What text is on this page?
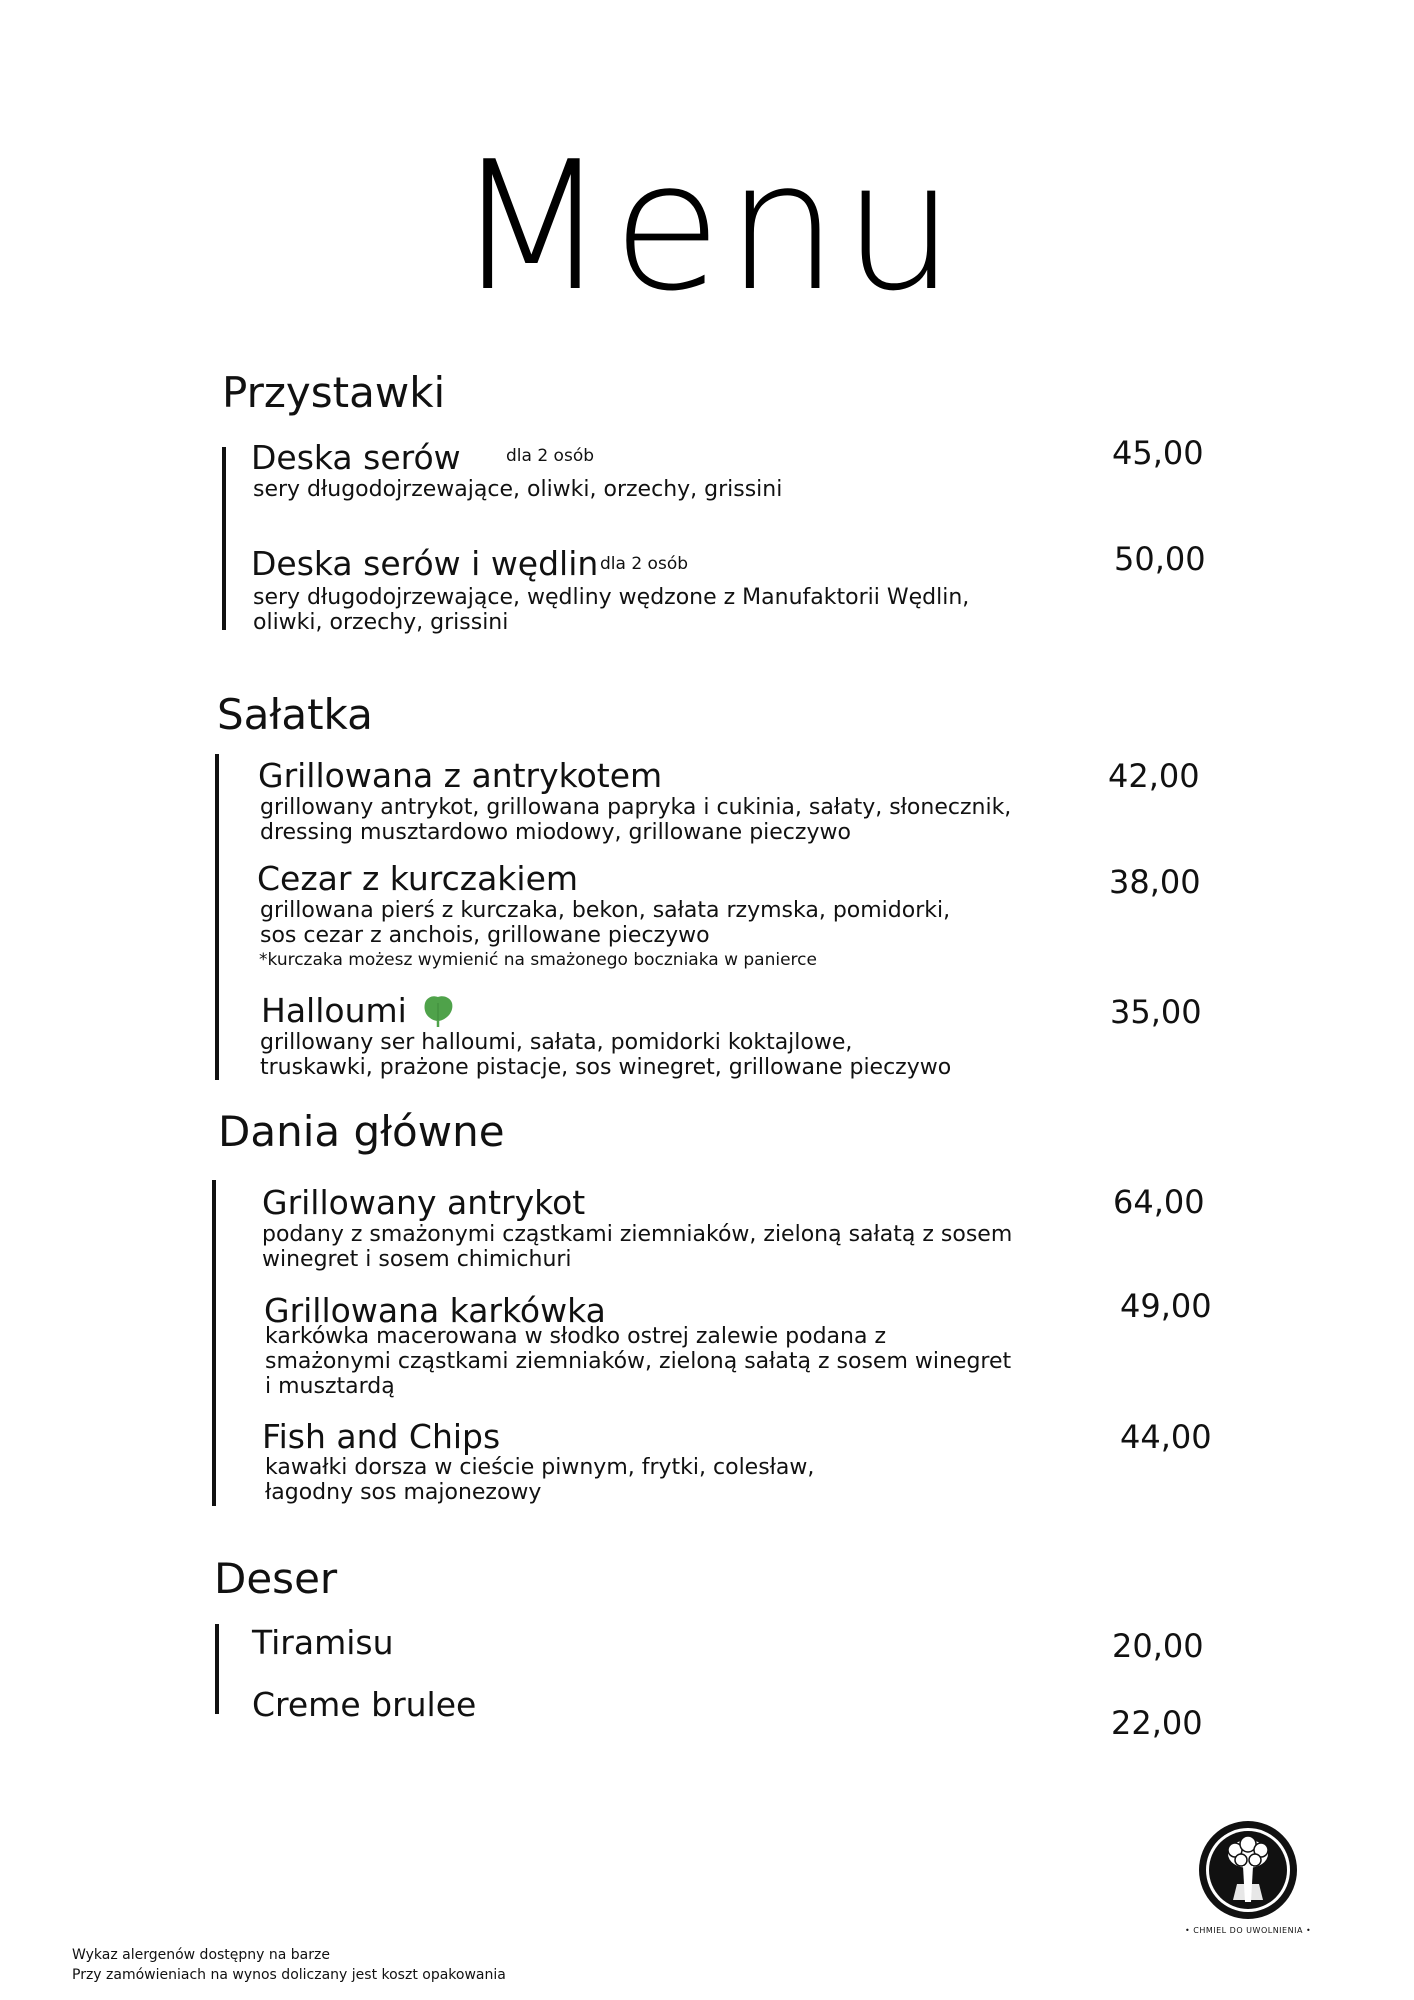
Menu
Przystawki
Deska serów	dla 2 osób
sery długodojrzewające, oliwki, orzechy, grissini
45,00
Deska serów i wędlin dla 2 osób
sery długodojrzewające, wędliny wędzone z Manufaktorii Wędlin,
oliwki, orzechy, grissini
50,00
Sałatka
Grillowana z antrykotem
grillowany antrykot, grillowana papryka i cukinia, sałaty, słonecznik,
dressing musztardowo miodowy, grillowane pieczywo
42,00
Cezar z kurczakiem
grillowana pierś z kurczaka, bekon, sałata rzymska, pomidorki,
sos cezar z anchois, grillowane pieczywo
*kurczaka możesz wymienić na smażonego boczniaka w panierce
38,00
Halloumi
grillowany ser halloumi, sałata, pomidorki koktajlowe,
truskawki, prażone pistacje, sos winegret, grillowane pieczywo
35,00
Dania główne
Grillowany antrykot
podany z smażonymi cząstkami ziemniaków, zieloną sałatą z sosem
winegret i sosem chimichuri
64,00
Grillowana karkówka
karkówka macerowana w słodko ostrej zalewie podana z
smażonymi cząstkami ziemniaków, zieloną sałatą z sosem winegret
i musztardą
49,00
Fish and Chips
kawałki dorsza w cieście piwnym, frytki, colesław,
łagodny sos majonezowy
44,00
Deser
Tiramisu	20,00
Creme brulee	22,00
• CHMIEL DO UWOLNIENIA •
Wykaz alergenów dostępny na barze
Przy zamówieniach na wynos doliczany jest koszt opakowania
